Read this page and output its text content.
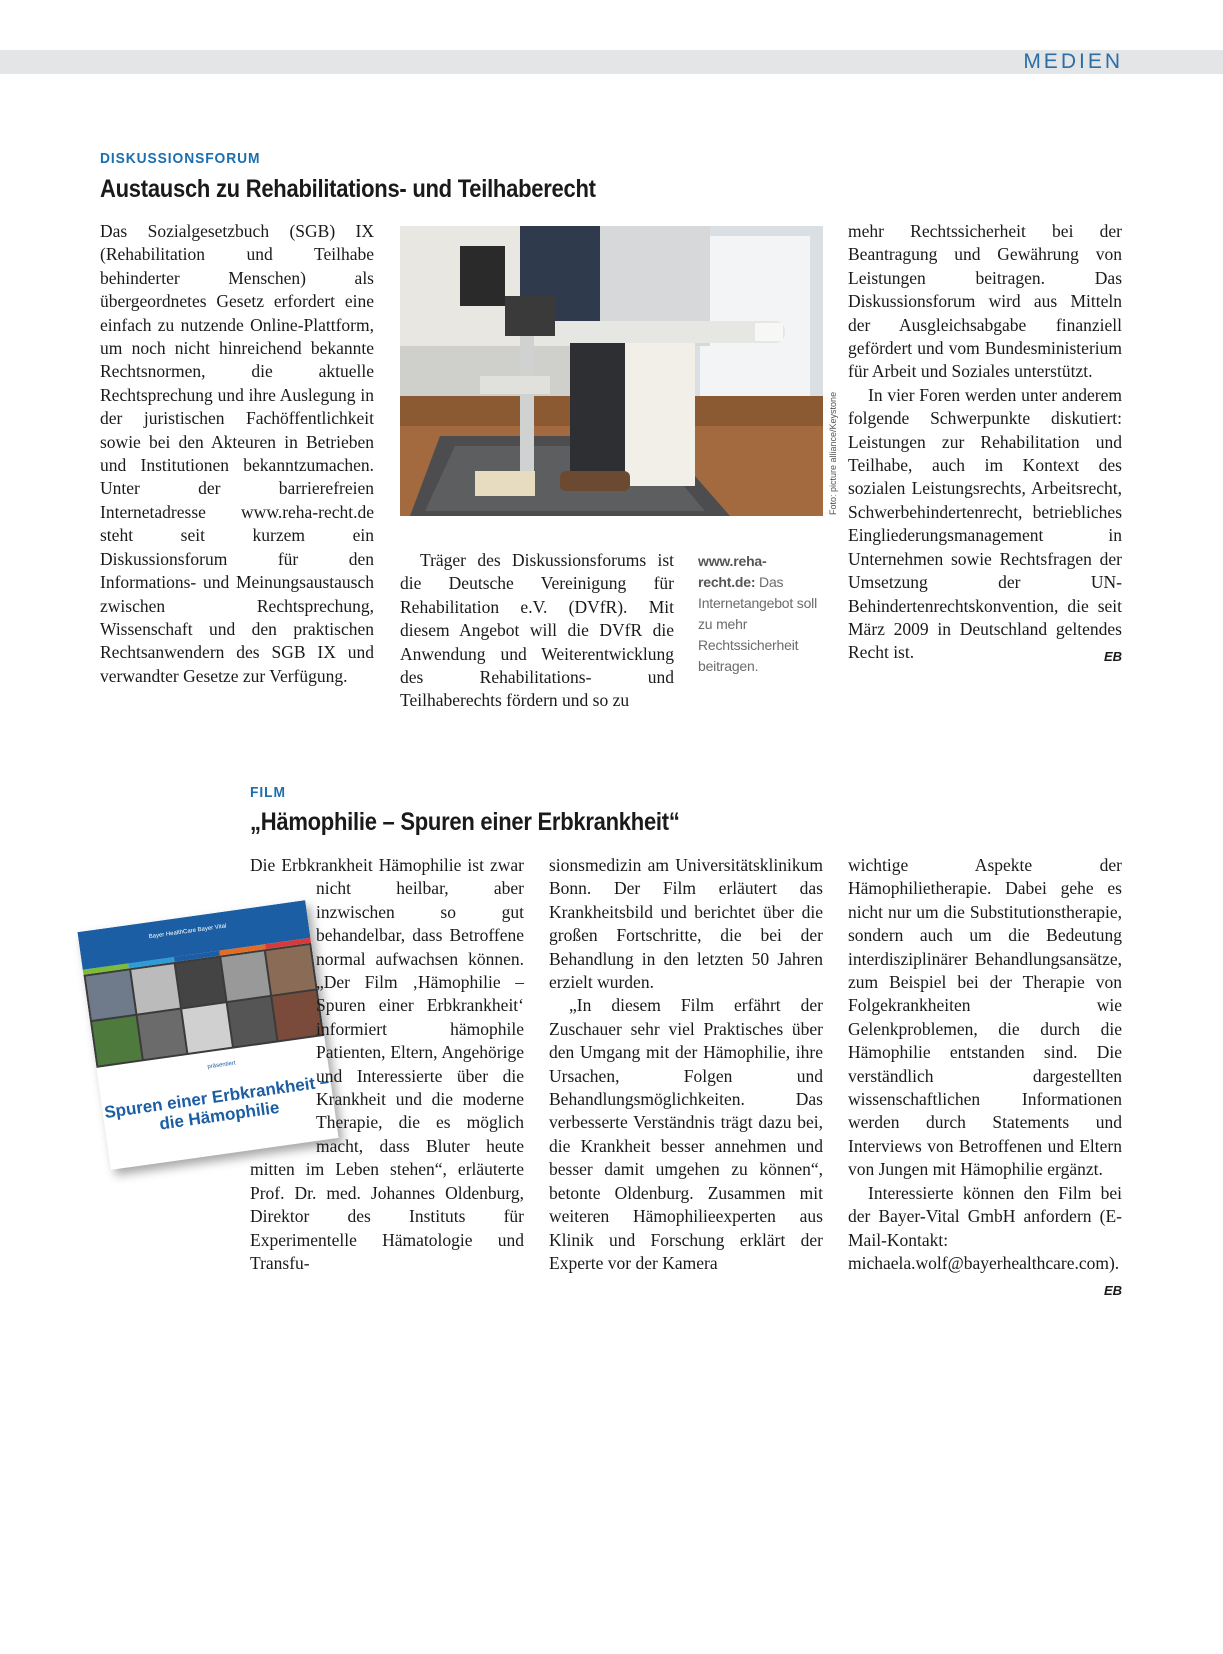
MEDIEN
DISKUSSIONSFORUM
Austausch zu Rehabilitations- und Teilhaberecht

Das Sozialgesetzbuch (SGB) IX (Rehabilitation und Teilhabe behinderter Menschen) als übergeordnetes Gesetz erfordert eine einfach zu nutzende Online-Plattform, um noch nicht hinreichend bekannte Rechtsnormen, die aktuelle Rechtsprechung und ihre Auslegung in der juristischen Fachöffentlichkeit sowie bei den Akteuren in Betrieben und Institutionen bekanntzumachen. Unter der barrierefreien Internetadresse www.reha-recht.de steht seit kurzem ein Diskussionsforum für den Informations- und Meinungsaustausch zwischen Rechtsprechung, Wissenschaft und den praktischen Rechtsanwendern des SGB IX und verwandter Gesetze zur Verfügung.

Foto: picture alliance/Keystone

Träger des Diskussionsforums ist die Deutsche Vereinigung für Rehabilitation e.V. (DVfR). Mit diesem Angebot will die DVfR die Anwendung und Weiterentwicklung des Rehabilitations- und Teilhaberechts fördern und so zu

www.reha-recht.de: Das Internetangebot soll zu mehr Rechtssicherheit beitragen.

mehr Rechtssicherheit bei der Beantragung und Gewährung von Leistungen beitragen. Das Diskussionsforum wird aus Mitteln der Ausgleichsabgabe finanziell gefördert und vom Bundesministerium für Arbeit und Soziales unterstützt.

In vier Foren werden unter anderem folgende Schwerpunkte diskutiert: Leistungen zur Rehabilitation und Teilhabe, auch im Kontext des sozialen Leistungsrechts, Arbeitsrecht, Schwerbehindertenrecht, betriebliches Eingliederungsmanagement in Unternehmen sowie Rechtsfragen der Umsetzung der UN-Behindertenrechtskonvention, die seit März 2009 in Deutschland geltendes Recht ist.	EB

FILM
„Hämophilie – Spuren einer Erbkrankheit“
Bayer HealthCare Bayer Vital
präsentiert
Spuren einer Erbkrankheit – die Hämophilie

Die Erbkrankheit Hämophilie ist zwar nicht heilbar, aber inzwischen so gut behandelbar, dass Betroffene normal aufwachsen können. „Der Film ‚Hämophilie – Spuren einer Erbkrankheit‘ informiert hämophile Patienten, Eltern, Angehörige und Interessierte über die Krankheit und die moderne Therapie, die es möglich macht, dass Bluter heute mitten im Leben stehen“, erläuterte Prof. Dr. med. Johannes Oldenburg, Direktor des Instituts für Experimentelle Hämatologie und Transfu-

sionsmedizin am Universitätsklinikum Bonn. Der Film erläutert das Krankheitsbild und berichtet über die großen Fortschritte, die bei der Behandlung in den letzten 50 Jahren erzielt wurden.

„In diesem Film erfährt der Zuschauer sehr viel Praktisches über den Umgang mit der Hämophilie, ihre Ursachen, Folgen und Behandlungsmöglichkeiten. Das verbesserte Verständnis trägt dazu bei, die Krankheit besser annehmen und besser damit umgehen zu können“, betonte Oldenburg. Zusammen mit weiteren Hämophilieexperten aus Klinik und Forschung erklärt der Experte vor der Kamera

wichtige Aspekte der Hämophilietherapie. Dabei gehe es nicht nur um die Substitutionstherapie, sondern auch um die Bedeutung interdisziplinärer Behandlungsansätze, zum Beispiel bei der Therapie von Folgekrankheiten wie Gelenkproblemen, die durch die Hämophilie entstanden sind. Die verständlich dargestellten wissenschaftlichen Informationen werden durch Statements und Interviews von Betroffenen und Eltern von Jungen mit Hämophilie ergänzt.

Interessierte können den Film bei der Bayer-Vital GmbH anfordern (E-Mail-Kontakt: michaela.wolf@bayerhealthcare.com).
EB
